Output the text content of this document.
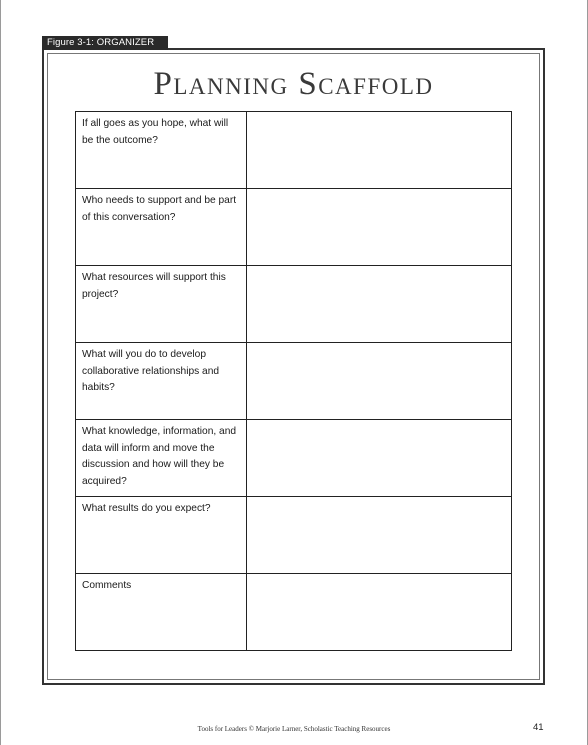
Figure 3-1: ORGANIZER
Planning Scaffold
If all goes as you hope, what will be the outcome?	
Who needs to support and be part of this conversation?	
What resources will support this project?	
What will you do to develop collaborative relationships and habits?	
What knowledge, information, and data will inform and move the discussion and how will they be acquired?	
What results do you expect?	
Comments	
Tools for Leaders © Marjorie Larner, Scholastic Teaching Resources	41
